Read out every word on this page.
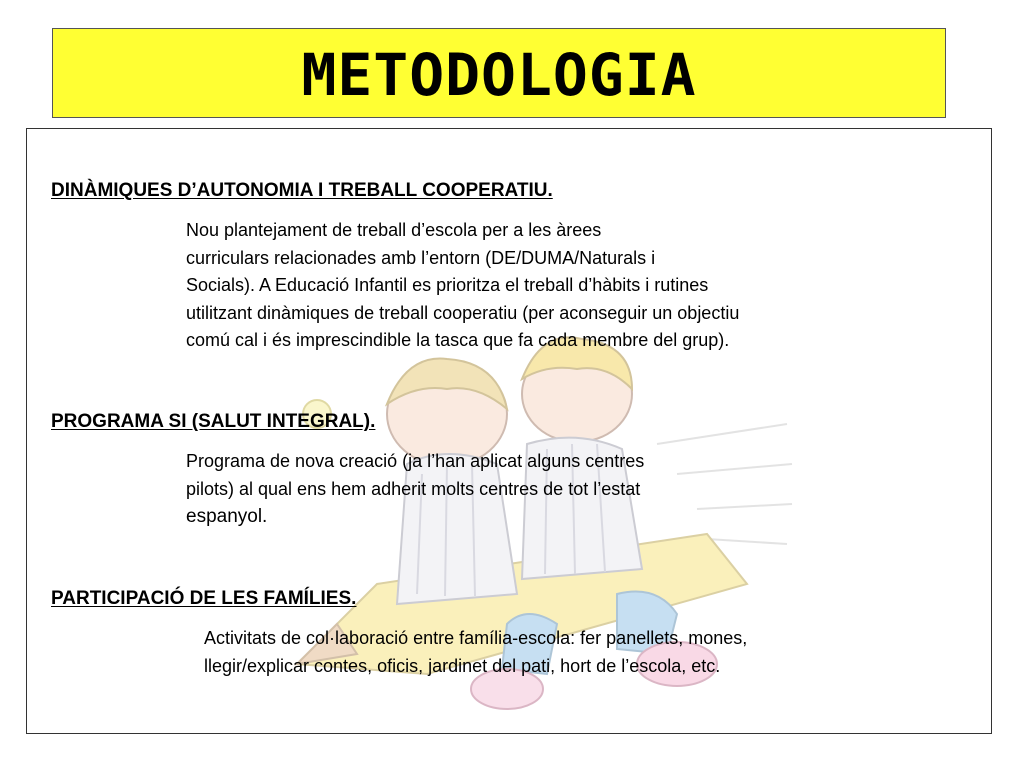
METODOLOGIA

DINÀMIQUES D’AUTONOMIA I TREBALL COOPERATIU.

Nou plantejament de treball d’escola per a les àrees
curriculars relacionades amb l’entorn (DE/DUMA/Naturals i
Socials). A Educació Infantil es prioritza el treball d’hàbits i rutines
utilitzant dinàmiques de treball cooperatiu (per aconseguir un objectiu
comú cal i és imprescindible la tasca que fa cada membre del grup).

PROGRAMA SI (SALUT INTEGRAL).

Programa de nova creació (ja l’han aplicat alguns centres
pilots) al qual ens hem adherit molts centres de tot l’estat
espanyol.

PARTICIPACIÓ DE LES FAMÍLIES.

Activitats de col·laboració entre família-escola: fer panellets, mones,
llegir/explicar contes, oficis, jardinet del pati, hort de l’escola, etc.
